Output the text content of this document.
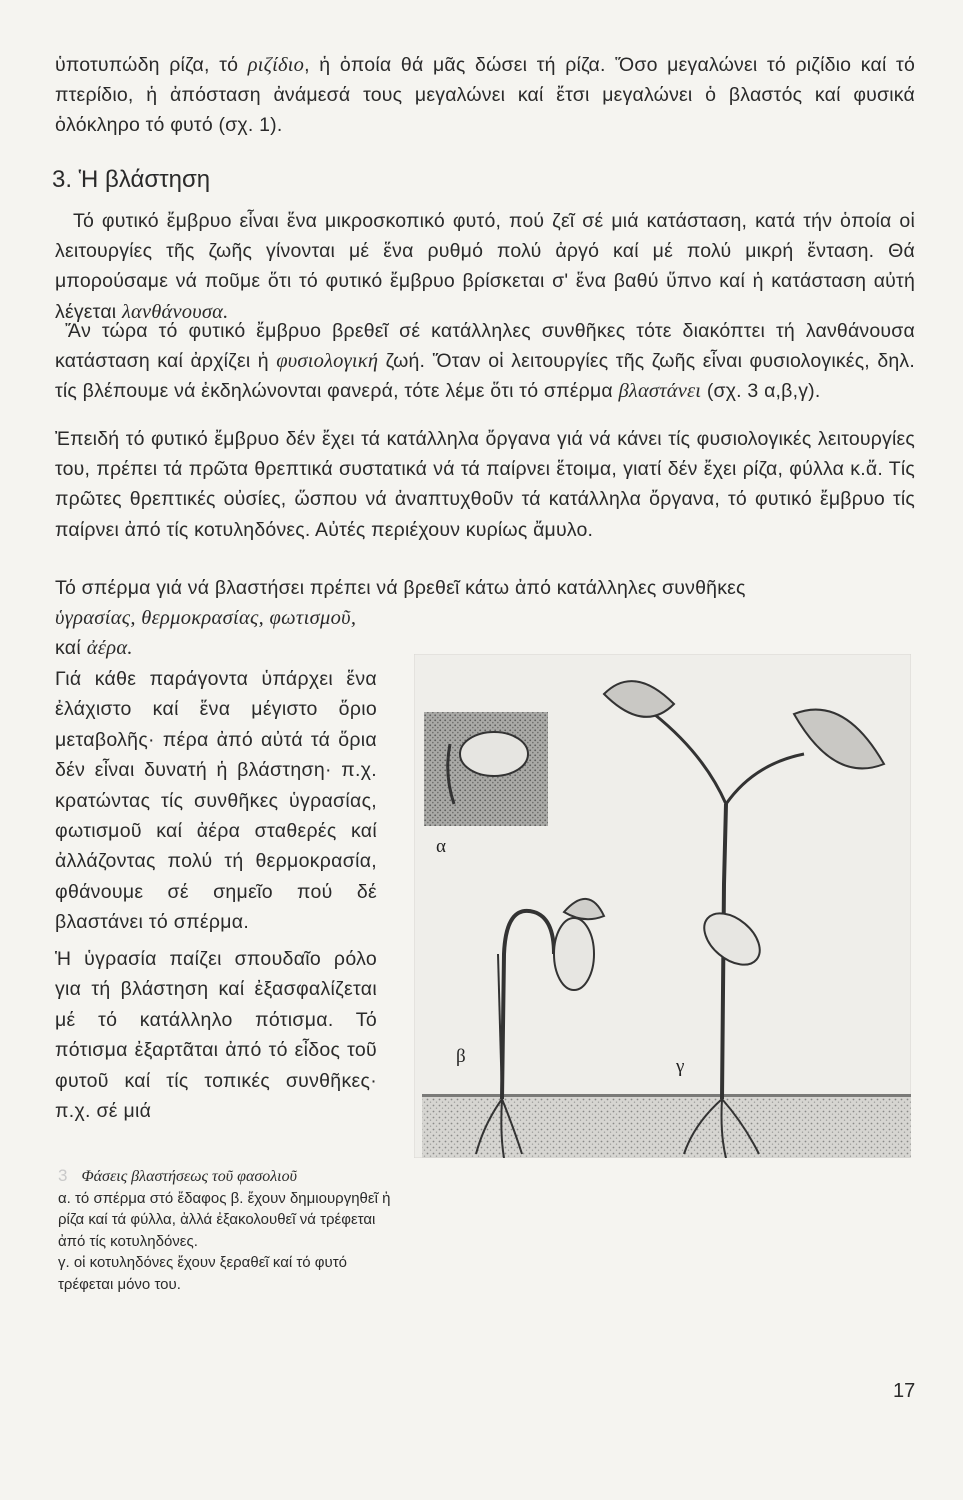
ὑποτυπώδη ρίζα, τό ριζίδιο, ἡ ὁποία θά μᾶς δώσει τή ρίζα. Ὅσο μεγαλώνει τό ριζίδιο καί τό πτερίδιο, ἡ ἀπόσταση ἀνάμεσά τους μεγαλώνει καί ἔτσι μεγαλώνει ὁ βλαστός καί φυσικά ὁλόκληρο τό φυτό (σχ. 1).

3. Ἡ βλάστηση

Τό φυτικό ἔμβρυο εἶναι ἕνα μικροσκοπικό φυτό, πού ζεῖ σέ μιά κατάσταση, κατά τήν ὁποία οἱ λειτουργίες τῆς ζωῆς γίνονται μέ ἕνα ρυθμό πολύ ἀργό καί μέ πολύ μικρή ἔνταση. Θά μπορούσαμε νά ποῦμε ὅτι τό φυτικό ἔμβρυο βρίσκεται σ' ἕνα βαθύ ὕπνο καί ἡ κατάσταση αὐτή λέγεται λανθάνουσα.

Ἄν τώρα τό φυτικό ἔμβρυο βρεθεῖ σέ κατάλληλες συνθῆκες τότε διακόπτει τή λανθάνουσα κατάσταση καί ἀρχίζει ἡ φυσιολογική ζωή. Ὅταν οἱ λειτουργίες τῆς ζωῆς εἶναι φυσιολογικές, δηλ. τίς βλέπουμε νά ἐκδηλώνονται φανερά, τότε λέμε ὅτι τό σπέρμα βλαστάνει (σχ. 3 α,β,γ).

Ἐπειδή τό φυτικό ἔμβρυο δέν ἔχει τά κατάλληλα ὄργανα γιά νά κάνει τίς φυσιολογικές λειτουργίες του, πρέπει τά πρῶτα θρεπτικά συστατικά νά τά παίρνει ἕτοιμα, γιατί δέν ἔχει ρίζα, φύλλα κ.ἄ. Τίς πρῶτες θρεπτικές οὐσίες, ὥσπου νά ἀναπτυχθοῦν τά κατάλληλα ὄργανα, τό φυτικό ἔμβρυο τίς παίρνει ἀπό τίς κοτυληδόνες. Αὐτές περιέχουν κυρίως ἄμυλο.

Τό σπέρμα γιά νά βλαστήσει πρέπει νά βρεθεῖ κάτω ἀπό κατάλληλες συνθῆκες

ὑγρασίας, θερμοκρασίας, φωτισμοῦ, καί ἀέρα.

Γιά κάθε παράγοντα ὑπάρχει ἕνα ἐλάχιστο καί ἕνα μέγιστο ὅριο μεταβολῆς· πέρα ἀπό αὐτά τά ὅρια δέν εἶναι δυνατή ἡ βλάστηση· π.χ. κρατώντας τίς συνθῆκες ὑγρασίας, φωτισμοῦ καί ἀέρα σταθερές καί ἀλλάζοντας πολύ τή θερμοκρασία, φθάνουμε σέ σημεῖο πού δέ βλαστάνει τό σπέρμα.

Ἡ ὑγρασία παίζει σπουδαῖο ρόλο για τή βλάστηση καί ἐξασφαλίζεται μέ τό κατάλληλο πότισμα. Τό πότισμα ἐξαρτᾶται ἀπό τό εἶδος τοῦ φυτοῦ καί τίς τοπικές συνθῆκες· π.χ. σέ μιά

α
β	γ
3 Φάσεις βλαστήσεως τοῦ φασολιοῦ
α. τό σπέρμα στό ἔδαφος β. ἔχουν δημιουργηθεῖ ἡ ρίζα καί τά φύλλα, ἀλλά ἐξακολουθεῖ νά τρέφεται ἀπό τίς κοτυληδόνες.
γ. οἱ κοτυληδόνες ἔχουν ξεραθεῖ καί τό φυτό τρέφεται μόνο του.
17
